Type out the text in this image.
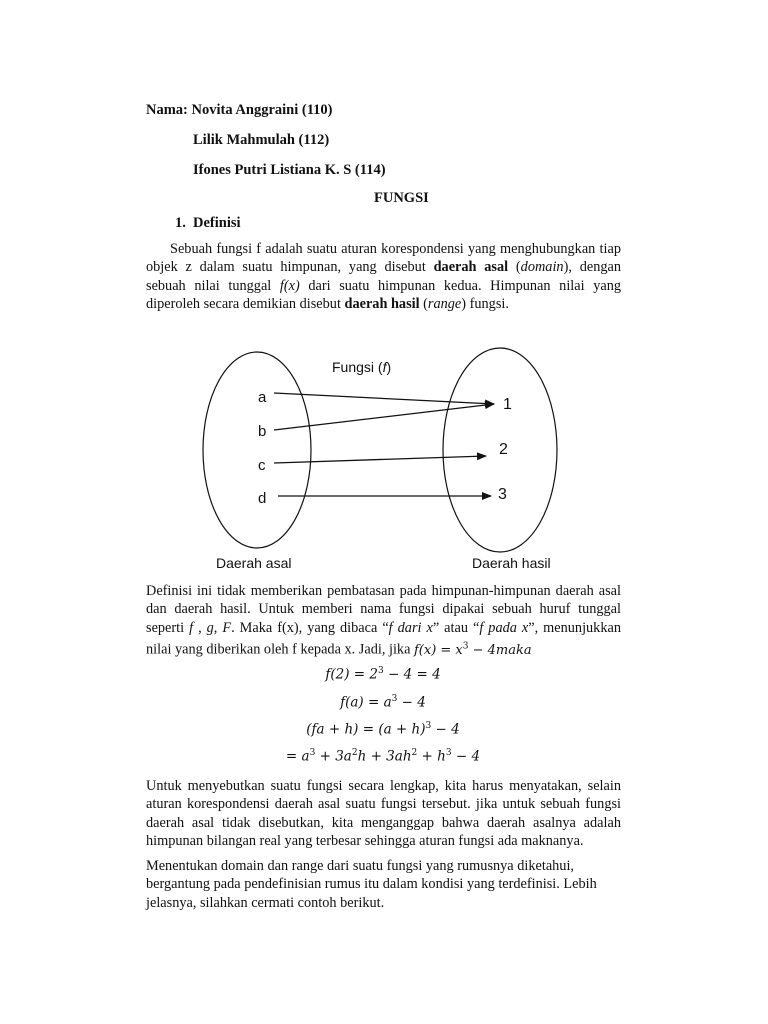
Nama: Novita Anggraini (110)
Lilik Mahmulah (112)
Ifones Putri Listiana K. S (114)
FUNGSI
1. Definisi

Sebuah fungsi f adalah suatu aturan korespondensi yang menghubungkan tiap objek z dalam suatu himpunan, yang disebut daerah asal (domain), dengan sebuah nilai tunggal f(x) dari suatu himpunan kedua. Himpunan nilai yang diperoleh secara demikian disebut daerah hasil (range) fungsi.

Fungsi (f)
a
b
c
d
1
2
3
Daerah asal	Daerah hasil

Definisi ini tidak memberikan pembatasan pada himpunan-himpunan daerah asal dan daerah hasil. Untuk memberi nama fungsi dipakai sebuah huruf tunggal seperti f , g, F. Maka f(x), yang dibaca “f dari x” atau “f pada x”, menunjukkan nilai yang diberikan oleh f kepada x. Jadi, jika $f(x) = x^3$ − 4maka

$f(2) = 2^3 - 4 = 4$
$f(a) = a^3 - 4$
$(fa + h) = (a + h)^3 - 4$
= $a^3 + 3a^2h + 3ah^2 + h^3 - 4$

Untuk menyebutkan suatu fungsi secara lengkap, kita harus menyatakan, selain aturan korespondensi daerah asal suatu fungsi tersebut. jika untuk sebuah fungsi daerah asal tidak disebutkan, kita menganggap bahwa daerah asalnya adalah himpunan bilangan real yang terbesar sehingga aturan fungsi ada maknanya.

Menentukan domain dan range dari suatu fungsi yang rumusnya diketahui, bergantung pada pendefinisian rumus itu dalam kondisi yang terdefinisi. Lebih jelasnya, silahkan cermati contoh berikut.
